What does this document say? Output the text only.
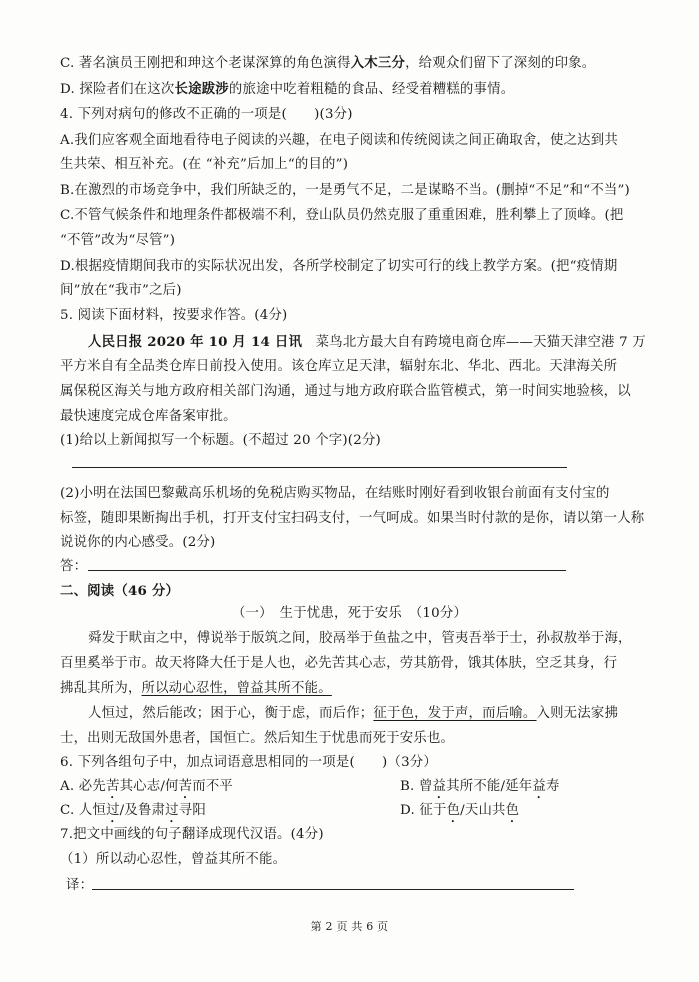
C. 著名演员王刚把和珅这个老谋深算的角色演得入木三分，给观众们留下了深刻的印象。
D. 探险者们在这次长途跋涉的旅途中吃着粗糙的食品、经受着糟糕的事情。
4. 下列对病句的修改不正确的一项是(　　)(3分)
A.我们应客观全面地看待电子阅读的兴趣，在电子阅读和传统阅读之间正确取舍，使之达到共
生共荣、相互补充。(在 “补充”后加上“的目的”)
B.在激烈的市场竞争中，我们所缺乏的，一是勇气不足，二是谋略不当。(删掉“不足”和“不当”)
C.不管气候条件和地理条件都极端不利，登山队员仍然克服了重重困难，胜利攀上了顶峰。(把
“不管”改为“尽管”)
D.根据疫情期间我市的实际状况出发，各所学校制定了切实可行的线上教学方案。(把“疫情期
间”放在“我市”之后)
5. 阅读下面材料，按要求作答。(4分)
人民日报 2020 年 10 月 14 日讯　菜鸟北方最大自有跨境电商仓库——天猫天津空港 7 万
平方米自有全品类仓库日前投入使用。该仓库立足天津，辐射东北、华北、西北。天津海关所
属保税区海关与地方政府相关部门沟通，通过与地方政府联合监管模式，第一时间实地验核，以
最快速度完成仓库备案审批。
(1)给以上新闻拟写一个标题。(不超过 20 个字)(2分)
(2)小明在法国巴黎戴高乐机场的免税店购买物品，在结账时刚好看到收银台前面有支付宝的
标签，随即果断掏出手机，打开支付宝扫码支付，一气呵成。如果当时付款的是你，请以第一人称
说说你的内心感受。(2分)
答：
二、阅读（46 分）
（一）　生于忧患，死于安乐　（10分）
舜发于畎亩之中，傅说举于版筑之间，胶鬲举于鱼盐之中，管夷吾举于士，孙叔敖举于海，
百里奚举于市。故天将降大任于是人也，必先苦其心志，劳其筋骨，饿其体肤，空乏其身，行
拂乱其所为，所以动心忍性，曾益其所不能。
人恒过，然后能改；困于心，衡于虑，而后作；征于色，发于声，而后喻。入则无法家拂
士，出则无敌国外患者，国恒亡。然后知生于忧患而死于安乐也。
6. 下列各组句子中，加点词语意思相同的一项是(　　)（3分）
A. 必先苦其心志/何苦而不平	B. 曾益其所不能/延年益寿
C. 人恒过/及鲁肃过寻阳	D. 征于色/天山共色
7.把文中画线的句子翻译成现代汉语。(4分)
（1）所以动心忍性，曾益其所不能。
译：
第 2 页 共 6 页
